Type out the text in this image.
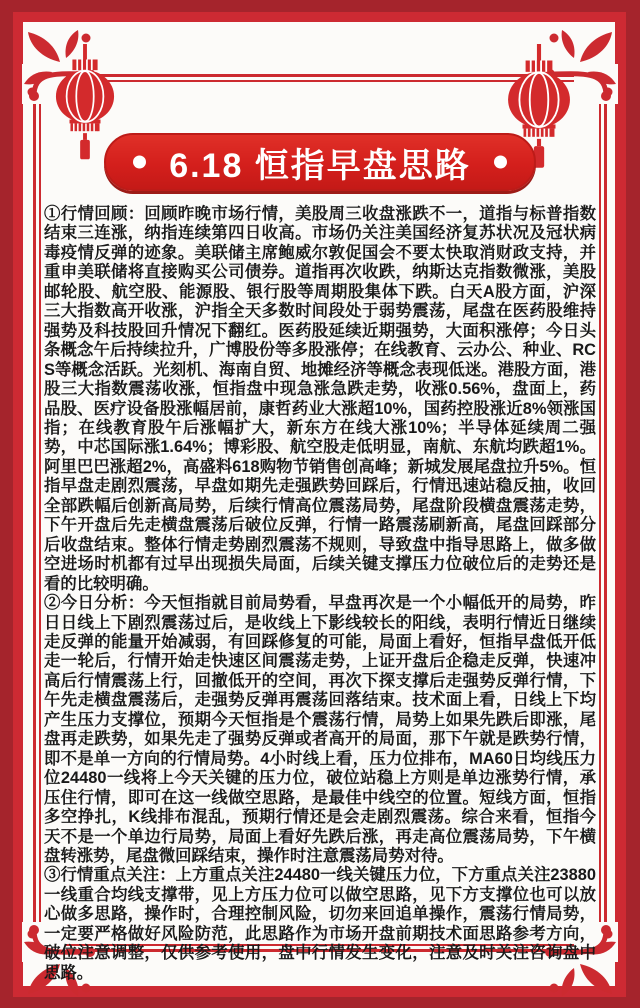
6.18 恒指早盘思路

①行情回顾：回顾昨晚市场行情，美股周三收盘涨跌不一，道指与标普指数结束三连涨，纳指连续第四日收高。市场仍关注美国经济复苏状况及冠状病毒疫情反弹的迹象。美联储主席鲍威尔敦促国会不要太快取消财政支持，并重申美联储将直接购买公司债券。道指再次收跌，纳斯达克指数微涨，美股邮轮股、航空股、能源股、银行股等周期股集体下跌。白天A股方面，沪深三大指数高开收涨，沪指全天多数时间段处于弱势震荡，尾盘在医药股维持强势及科技股回升情况下翻红。医药股延续近期强势，大面积涨停；今日头条概念午后持续拉升，广博股份等多股涨停；在线教育、云办公、种业、RCS等概念活跃。光刻机、海南自贸、地摊经济等概念表现低迷。港股方面，港股三大指数震荡收涨，恒指盘中现急涨急跌走势，收涨0.56%，盘面上，药品股、医疗设备股涨幅居前，康哲药业大涨超10%，国药控股涨近8%领涨国指；在线教育股午后涨幅扩大，新东方在线大涨10%；半导体延续周二强势，中芯国际涨1.64%；博彩股、航空股走低明显，南航、东航均跌超1%。阿里巴巴涨超2%，高盛料618购物节销售创高峰；新城发展尾盘拉升5%。恒指早盘走剧烈震荡，早盘如期先走强跌势回踩后，行情迅速站稳反抽，收回全部跌幅后创新高局势，后续行情高位震荡局势，尾盘阶段横盘震荡走势，下午开盘后先走横盘震荡后破位反弹，行情一路震荡刷新高，尾盘回踩部分后收盘结束。整体行情走势剧烈震荡不规则，导致盘中指导思路上，做多做空进场时机都有过早出现损失局面，后续关键支撑压力位破位后的走势还是看的比较明确。

②今日分析：今天恒指就目前局势看，早盘再次是一个小幅低开的局势，昨日日线上下剧烈震荡过后，是收线上下影线较长的阳线，表明行情近日继续走反弹的能量开始减弱，有回踩修复的可能，局面上看好，恒指早盘低开低走一轮后，行情开始走快速区间震荡走势，上证开盘后企稳走反弹，快速冲高后行情震荡上行，回撤低开的空间，再次下探支撑后走强势反弹行情，下午先走横盘震荡后，走强势反弹再震荡回落结束。技术面上看，日线上下均产生压力支撑位，预期今天恒指是个震荡行情，局势上如果先跌后即涨，尾盘再走跌势，如果先走了强势反弹或者高开的局面，那下午就是跌势行情，即不是单一方向的行情局势。4小时线上看，压力位排布，MA60日均线压力位24480一线将上今天关键的压力位，破位站稳上方则是单边涨势行情，承压住行情，即可在这一线做空思路，是最佳中线空的位置。短线方面，恒指多空挣扎，K线排布混乱，预期行情还是会走剧烈震荡。综合来看，恒指今天不是一个单边行局势，局面上看好先跌后涨，再走高位震荡局势，下午横盘转涨势，尾盘微回踩结束，操作时注意震荡局势对待。

③行情重点关注：上方重点关注24480一线关键压力位，下方重点关注23880一线重合均线支撑带，见上方压力位可以做空思路，见下方支撑位也可以放心做多思路，操作时，合理控制风险，切勿来回追单操作，震荡行情局势，一定要严格做好风险防范，此思路作为市场开盘前期技术面思路参考方向，破位注意调整，仅供参考使用，盘中行情发生变化，注意及时关注咨询盘中思路。
